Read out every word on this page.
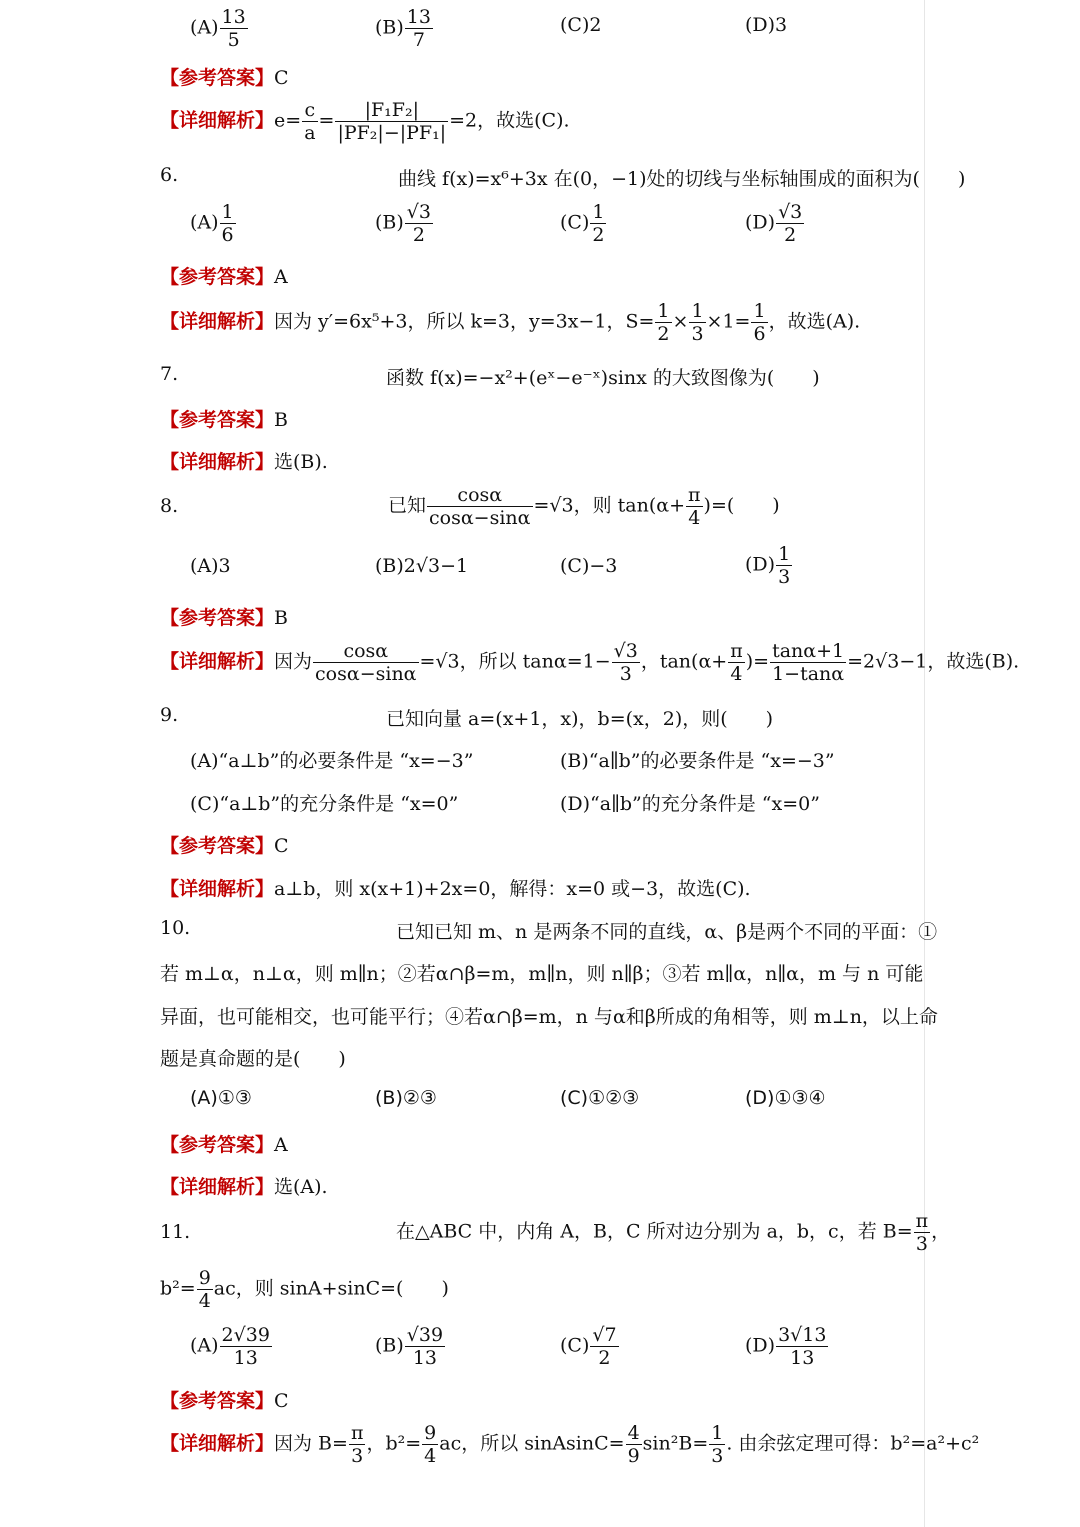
$(A) \frac{13}{5}$	$(B) \frac{13}{7}$	(C)2	(D)3
【参考答案】C
【详细解析】$e= \frac{c}{a} = \frac{\text{|F₁F₂|}}{\text{|PF₂|−|PF₁|}} =2$，故选(C).
6.	曲线 f(x)=x⁶+3x 在(0，−1)处的切线与坐标轴围成的面积为(　　)
$(A) \frac{1}{6}$	$(B) \frac{√3}{2}$	$(C) \frac{1}{2}$	$(D) \frac{√3}{2}$
【参考答案】A
【详细解析】因为 y′=6x⁵+3，所以 k=3，y=3x−1，$S= \frac{1}{2} \times \frac{1}{3} \times 1= \frac{1}{6}$ ，故选(A).
7.	函数 f(x)=−x²+(eˣ−e⁻ˣ)sinx 的大致图像为(　　)
【参考答案】B
【详细解析】选(B).
8.	已知 $\frac{\cos\alpha}{\cos\alpha-\sin\alpha} =√3$，则 $\tan(\alpha+ \frac{\pi}{4}$ )=(　　)
(A)3	(B)2√3−1	(C)−3	$(D) \frac{1}{3}$
【参考答案】B
【详细解析】因为 $\frac{\cos\alpha}{\cos\alpha-\sin\alpha} =√3$，所以 $\tan\alpha=1- \frac{√3}{3}$ ，$\tan(\alpha+ \frac{\pi}{4}$ )= $\frac{\tan\alpha+1}{1-\tan\alpha} =2√3-1$，故选(B).
9.	已知向量 a=(x+1，x)，b=(x，2)，则(　　)
(A)“a⊥b”的必要条件是 “x=−3”	(B)“a∥b”的必要条件是 “x=−3”
(C)“a⊥b”的充分条件是 “x=0”	(D)“a∥b”的充分条件是 “x=0”
【参考答案】C
【详细解析】a⊥b，则 x(x+1)+2x=0，解得：x=0 或−3，故选(C).
10.	已知已知 m、n 是两条不同的直线，α、β是两个不同的平面：①
若 m⊥α，n⊥α，则 m∥n；②若α∩β=m，m∥n，则 n∥β；③若 m∥α，n∥α，m 与 n 可能
异面，也可能相交，也可能平行；④若α∩β=m，n 与α和β所成的角相等，则 m⊥n，以上命
题是真命题的是(　　)
(A)①③	(B)②③	(C)①②③	(D)①③④
【参考答案】A
【详细解析】选(A).
11.	在△ABC 中，内角 A，B，C 所对边分别为 a，b，c，若 $B= \frac{\pi}{3}$ ，
$b^2= \frac{9}{4}$ ac，则 sinA+sinC=(　　)
$(A) \frac{2√39}{13}$	$(B) \frac{√39}{13}$	$(C) \frac{√7}{2}$	$(D) \frac{3√13}{13}$
【参考答案】C
【详细解析】因为 $B= \frac{\pi}{3}$ ，$b^2= \frac{9}{4}$ ac，所以 sinAsinC= $\frac{4}{9} \sin^2B= \frac{1}{3}$ . 由余弦定理可得：b²=a²+c²
